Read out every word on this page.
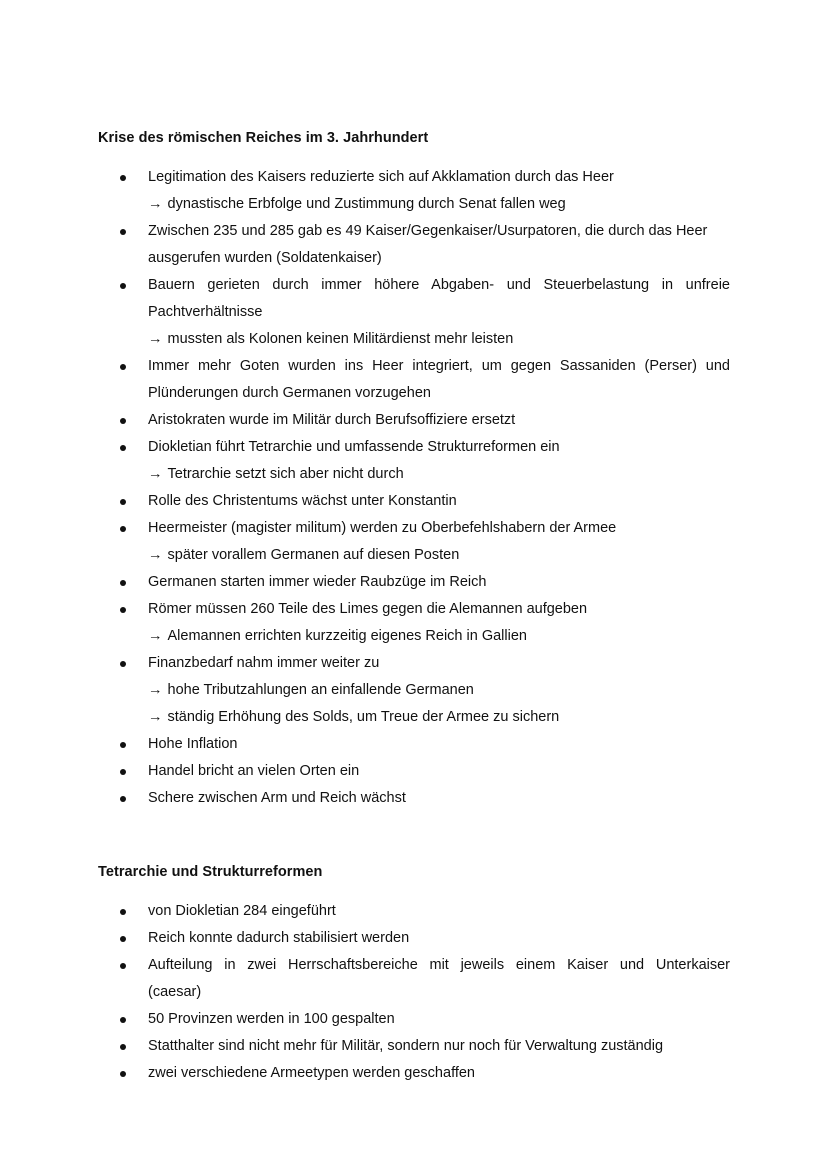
Krise des römischen Reiches im 3. Jahrhundert
Legitimation des Kaisers reduzierte sich auf Akklamation durch das Heer
→ dynastische Erbfolge und Zustimmung durch Senat fallen weg
Zwischen 235 und 285 gab es 49 Kaiser/Gegenkaiser/Usurpatoren, die durch das Heer
ausgerufen wurden (Soldatenkaiser)
Bauern gerieten durch immer höhere Abgaben- und Steuerbelastung in unfreie
Pachtverhältnisse
→ mussten als Kolonen keinen Militärdienst mehr leisten
Immer mehr Goten wurden ins Heer integriert, um gegen Sassaniden (Perser) und
Plünderungen durch Germanen vorzugehen
Aristokraten wurde im Militär durch Berufsoffiziere ersetzt
Diokletian führt Tetrarchie und umfassende Strukturreformen ein
→ Tetrarchie setzt sich aber nicht durch
Rolle des Christentums wächst unter Konstantin
Heermeister (magister militum) werden zu Oberbefehlshabern der Armee
→ später vorallem Germanen auf diesen Posten
Germanen starten immer wieder Raubzüge im Reich
Römer müssen 260 Teile des Limes gegen die Alemannen aufgeben
→ Alemannen errichten kurzzeitig eigenes Reich in Gallien
Finanzbedarf nahm immer weiter zu
→ hohe Tributzahlungen an einfallende Germanen
→ ständig Erhöhung des Solds, um Treue der Armee zu sichern
Hohe Inflation
Handel bricht an vielen Orten ein
Schere zwischen Arm und Reich wächst
Tetrarchie und Strukturreformen
von Diokletian 284 eingeführt
Reich konnte dadurch stabilisiert werden
Aufteilung in zwei Herrschaftsbereiche mit jeweils einem Kaiser und Unterkaiser
(caesar)
50 Provinzen werden in 100 gespalten
Statthalter sind nicht mehr für Militär, sondern nur noch für Verwaltung zuständig
zwei verschiedene Armeetypen werden geschaffen
